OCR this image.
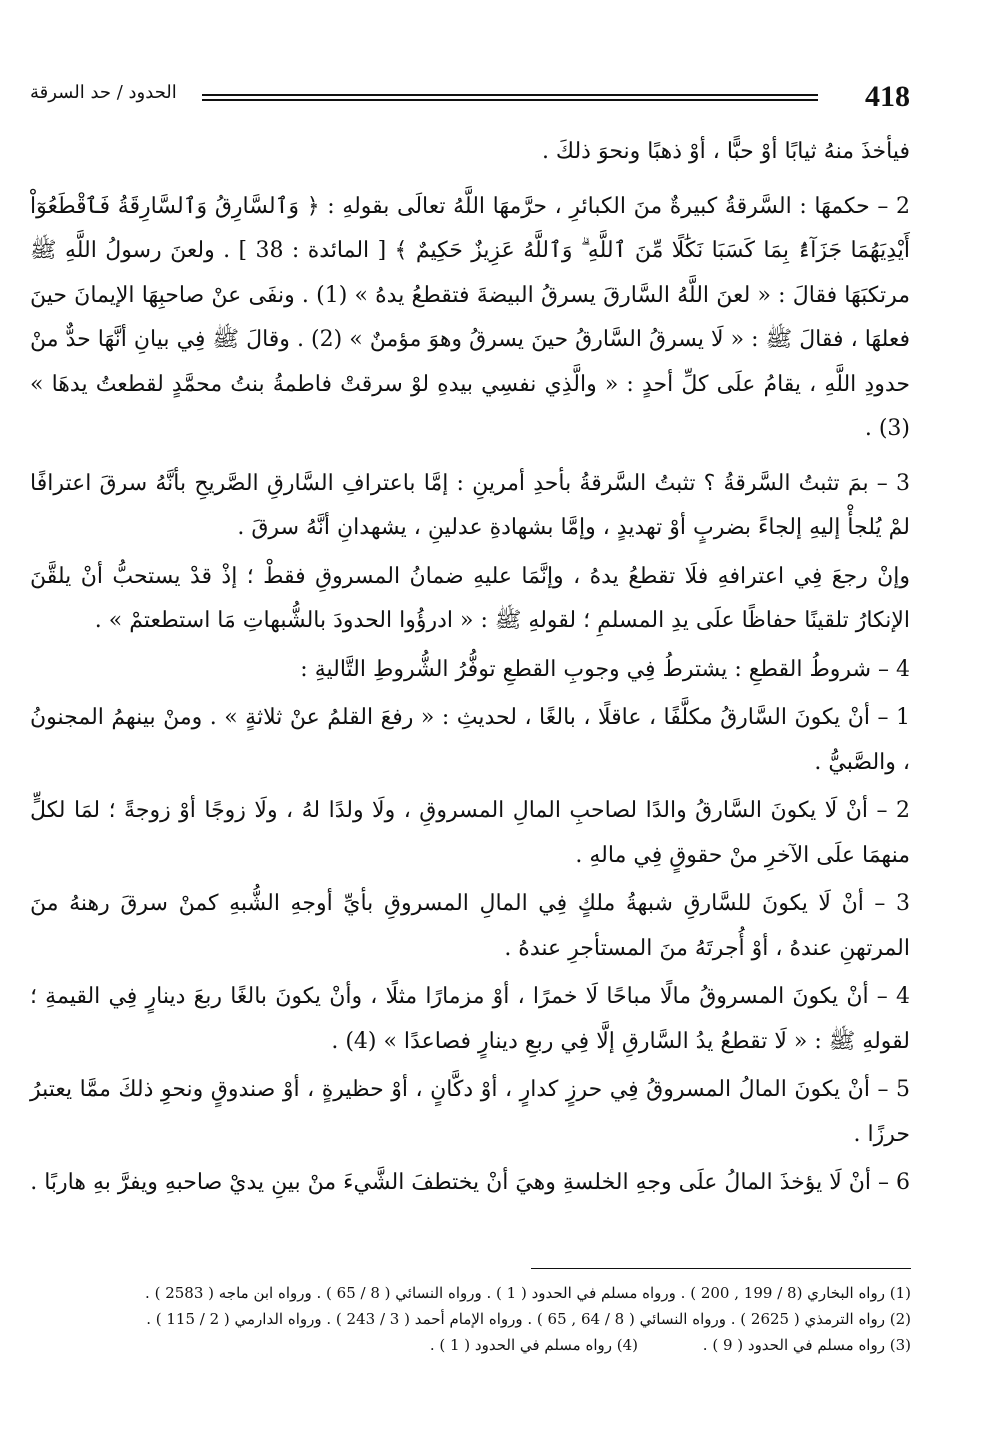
418
الحدود / حد السرقة

فيأخذَ منهُ ثيابًا أوْ حبًّا ، أوْ ذهبًا ونحوَ ذلكَ .

2 – حكمهَا : السَّرقةُ كبيرةٌ منَ الكبائرِ ، حرَّمهَا اللَّهُ تعالَى بقولهِ : ﴿ وَٱلسَّارِقُ وَٱلسَّارِقَةُ فَٱقْطَعُوٓاْ أَيْدِيَهُمَا جَزَآءًۢ بِمَا كَسَبَا نَكَٰلًا مِّنَ ٱللَّهِ ۗ وَٱللَّهُ عَزِيزٌ حَكِيمٌ ﴾ [ المائدة : 38 ] . ولعنَ رسولُ اللَّهِ ﷺ مرتكبَهَا فقالَ : « لعنَ اللَّهُ السَّارقَ يسرقُ البيضةَ فتقطعُ يدهُ » (1) . ونفَى عنْ صاحبِهَا الإيمانَ حينَ فعلهَا ، فقالَ ﷺ : « لَا يسرقُ السَّارقُ حينَ يسرقُ وهوَ مؤمنٌ » (2) . وقالَ ﷺ فِي بيانِ أنَّهَا حدٌّ منْ حدودِ اللَّهِ ، يقامُ علَى كلِّ أحدٍ : « والَّذِي نفسِي بيدهِ لوْ سرقتْ فاطمةُ بنتُ محمَّدٍ لقطعتُ يدهَا » (3) .

3 – بمَ تثبتُ السَّرقةُ ؟ تثبتُ السَّرقةُ بأحدِ أمرينِ : إمَّا باعترافِ السَّارقِ الصَّريحِ بأنَّهُ سرقَ اعترافًا لمْ يُلجأْ إليهِ إلجاءً بضربٍ أوْ تهديدٍ ، وإمَّا بشهادةِ عدلينِ ، يشهدانِ أنَّهُ سرقَ .

وإنْ رجعَ فِي اعترافهِ فلَا تقطعُ يدهُ ، وإنَّمَا عليهِ ضمانُ المسروقِ فقطْ ؛ إذْ قدْ يستحبُّ أنْ يلقَّنَ الإنكارُ تلقينًا حفاظًا علَى يدِ المسلمِ ؛ لقولهِ ﷺ : « ادرؤُوا الحدودَ بالشُّبهاتِ مَا استطعتمْ » .

4 – شروطُ القطعِ : يشترطُ فِي وجوبِ القطعِ توفُّرُ الشُّروطِ التَّاليةِ :

1 – أنْ يكونَ السَّارقُ مكلَّفًا ، عاقلًا ، بالغًا ، لحديثِ : « رفعَ القلمُ عنْ ثلاثةٍ » . ومنْ بينهمُ المجنونُ ، والصَّبيُّ .

2 – أنْ لَا يكونَ السَّارقُ والدًا لصاحبِ المالِ المسروقِ ، ولَا ولدًا لهُ ، ولَا زوجًا أوْ زوجةً ؛ لمَا لكلٍّ منهمَا علَى الآخرِ منْ حقوقٍ فِي مالهِ .

3 – أنْ لَا يكونَ للسَّارقِ شبهةُ ملكٍ فِي المالِ المسروقِ بأيِّ أوجهِ الشُّبهِ كمنْ سرقَ رهنهُ منَ المرتهنِ عندهُ ، أوْ أُجرتَهُ منَ المستأجرِ عندهُ .

4 – أنْ يكونَ المسروقُ مالًا مباحًا لَا خمرًا ، أوْ مزمارًا مثلًا ، وأنْ يكونَ بالغًا ربعَ دينارٍ فِي القيمةِ ؛ لقولهِ ﷺ : « لَا تقطعُ يدُ السَّارقِ إلَّا فِي ربعِ دينارٍ فصاعدًا » (4) .

5 – أنْ يكونَ المالُ المسروقُ فِي حرزٍ كدارٍ ، أوْ دكَّانٍ ، أوْ حظيرةٍ ، أوْ صندوقٍ ونحوِ ذلكَ ممَّا يعتبرُ حرزًا .

6 – أنْ لَا يؤخذَ المالُ علَى وجهِ الخلسةِ وهيَ أنْ يختطفَ الشَّيءَ منْ بينِ يديْ صاحبهِ ويفرَّ بهِ هاربًا .

(1) رواه البخاري (8 / 199 , 200 ) . ورواه مسلم في الحدود ( 1 ) . ورواه النسائي ( 8 / 65 ) . ورواه ابن ماجه ( 2583 ) .
(2) رواه الترمذي ( 2625 ) . ورواه النسائي ( 8 / 64 , 65 ) . ورواه الإمام أحمد ( 3 / 243 ) . ورواه الدارمي ( 2 / 115 ) .
(3) رواه مسلم في الحدود ( 9 ) . (4) رواه مسلم في الحدود ( 1 ) .
